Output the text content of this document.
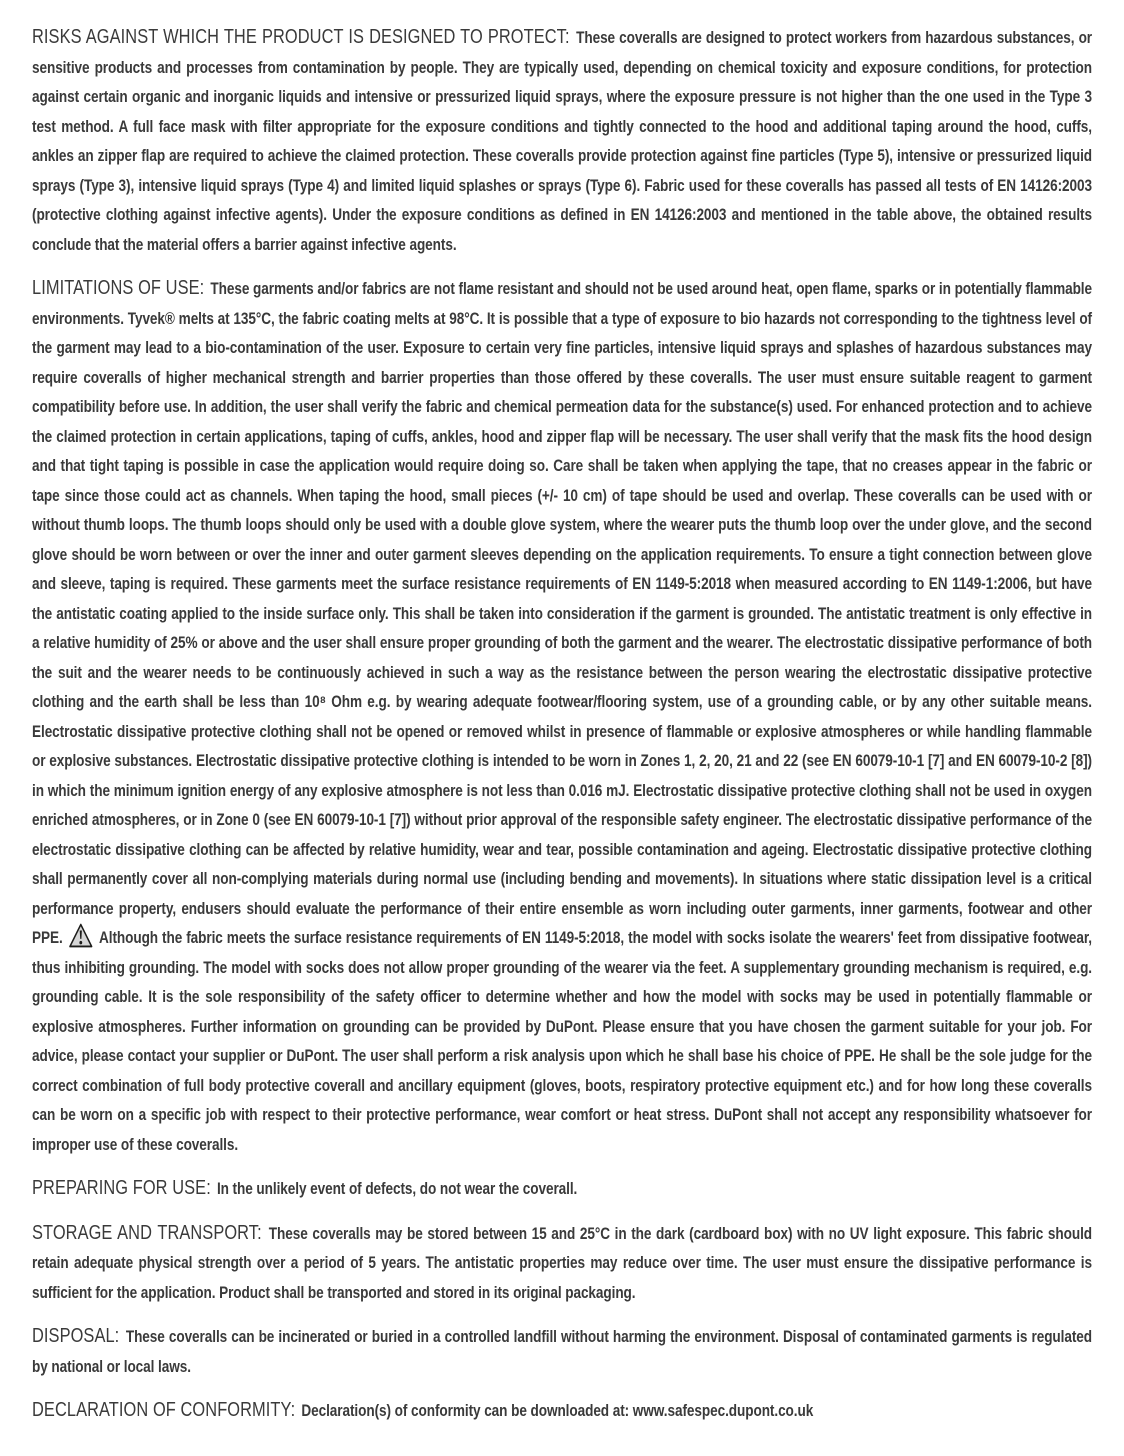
RISKS AGAINST WHICH THE PRODUCT IS DESIGNED TO PROTECT: These coveralls are designed to protect workers from hazardous substances, or sensitive products and processes from contamination by people. They are typically used, depending on chemical toxicity and exposure conditions, for protection against certain organic and inorganic liquids and intensive or pressurized liquid sprays, where the exposure pressure is not higher than the one used in the Type 3 test method. A full face mask with filter appropriate for the exposure conditions and tightly connected to the hood and additional taping around the hood, cuffs, ankles an zipper flap are required to achieve the claimed protection. These coveralls provide protection against fine particles (Type 5), intensive or pressurized liquid sprays (Type 3), intensive liquid sprays (Type 4) and limited liquid splashes or sprays (Type 6). Fabric used for these coveralls has passed all tests of EN 14126:2003 (protective clothing against infective agents). Under the exposure conditions as defined in EN 14126:2003 and mentioned in the table above, the obtained results conclude that the material offers a barrier against infective agents.

LIMITATIONS OF USE: These garments and/or fabrics are not flame resistant and should not be used around heat, open flame, sparks or in potentially flammable environments. Tyvek® melts at 135°C, the fabric coating melts at 98°C. It is possible that a type of exposure to bio hazards not corresponding to the tightness level of the garment may lead to a bio-contamination of the user. Exposure to certain very fine particles, intensive liquid sprays and splashes of hazardous substances may require coveralls of higher mechanical strength and barrier properties than those offered by these coveralls. The user must ensure suitable reagent to garment compatibility before use. In addition, the user shall verify the fabric and chemical permeation data for the substance(s) used. For enhanced protection and to achieve the claimed protection in certain applications, taping of cuffs, ankles, hood and zipper flap will be necessary. The user shall verify that the mask fits the hood design and that tight taping is possible in case the application would require doing so. Care shall be taken when applying the tape, that no creases appear in the fabric or tape since those could act as channels. When taping the hood, small pieces (+/- 10 cm) of tape should be used and overlap. These coveralls can be used with or without thumb loops. The thumb loops should only be used with a double glove system, where the wearer puts the thumb loop over the under glove, and the second glove should be worn between or over the inner and outer garment sleeves depending on the application requirements. To ensure a tight connection between glove and sleeve, taping is required. These garments meet the surface resistance requirements of EN 1149-5:2018 when measured according to EN 1149-1:2006, but have the antistatic coating applied to the inside surface only. This shall be taken into consideration if the garment is grounded. The antistatic treatment is only effective in a relative humidity of 25% or above and the user shall ensure proper grounding of both the garment and the wearer. The electrostatic dissipative performance of both the suit and the wearer needs to be continuously achieved in such a way as the resistance between the person wearing the electrostatic dissipative protective clothing and the earth shall be less than 10⁸ Ohm e.g. by wearing adequate footwear/flooring system, use of a grounding cable, or by any other suitable means. Electrostatic dissipative protective clothing shall not be opened or removed whilst in presence of flammable or explosive atmospheres or while handling flammable or explosive substances. Electrostatic dissipative protective clothing is intended to be worn in Zones 1, 2, 20, 21 and 22 (see EN 60079-10-1 [7] and EN 60079-10-2 [8]) in which the minimum ignition energy of any explosive atmosphere is not less than 0.016 mJ. Electrostatic dissipative protective clothing shall not be used in oxygen enriched atmospheres, or in Zone 0 (see EN 60079-10-1 [7]) without prior approval of the responsible safety engineer. The electrostatic dissipative performance of the electrostatic dissipative clothing can be affected by relative humidity, wear and tear, possible contamination and ageing. Electrostatic dissipative protective clothing shall permanently cover all non-complying materials during normal use (including bending and movements). In situations where static dissipation level is a critical performance property, endusers should evaluate the performance of their entire ensemble as worn including outer garments, inner garments, footwear and other PPE. Although the fabric meets the surface resistance requirements of EN 1149-5:2018, the model with socks isolate the wearers' feet from dissipative footwear, thus inhibiting grounding. The model with socks does not allow proper grounding of the wearer via the feet. A supplementary grounding mechanism is required, e.g. grounding cable. It is the sole responsibility of the safety officer to determine whether and how the model with socks may be used in potentially flammable or explosive atmospheres. Further information on grounding can be provided by DuPont. Please ensure that you have chosen the garment suitable for your job. For advice, please contact your supplier or DuPont. The user shall perform a risk analysis upon which he shall base his choice of PPE. He shall be the sole judge for the correct combination of full body protective coverall and ancillary equipment (gloves, boots, respiratory protective equipment etc.) and for how long these coveralls can be worn on a specific job with respect to their protective performance, wear comfort or heat stress. DuPont shall not accept any responsibility whatsoever for improper use of these coveralls.

PREPARING FOR USE: In the unlikely event of defects, do not wear the coverall.

STORAGE AND TRANSPORT: These coveralls may be stored between 15 and 25°C in the dark (cardboard box) with no UV light exposure. This fabric should retain adequate physical strength over a period of 5 years. The antistatic properties may reduce over time. The user must ensure the dissipative performance is sufficient for the application. Product shall be transported and stored in its original packaging.

DISPOSAL: These coveralls can be incinerated or buried in a controlled landfill without harming the environment. Disposal of contaminated garments is regulated by national or local laws.

DECLARATION OF CONFORMITY: Declaration(s) of conformity can be downloaded at: www.safespec.dupont.co.uk
